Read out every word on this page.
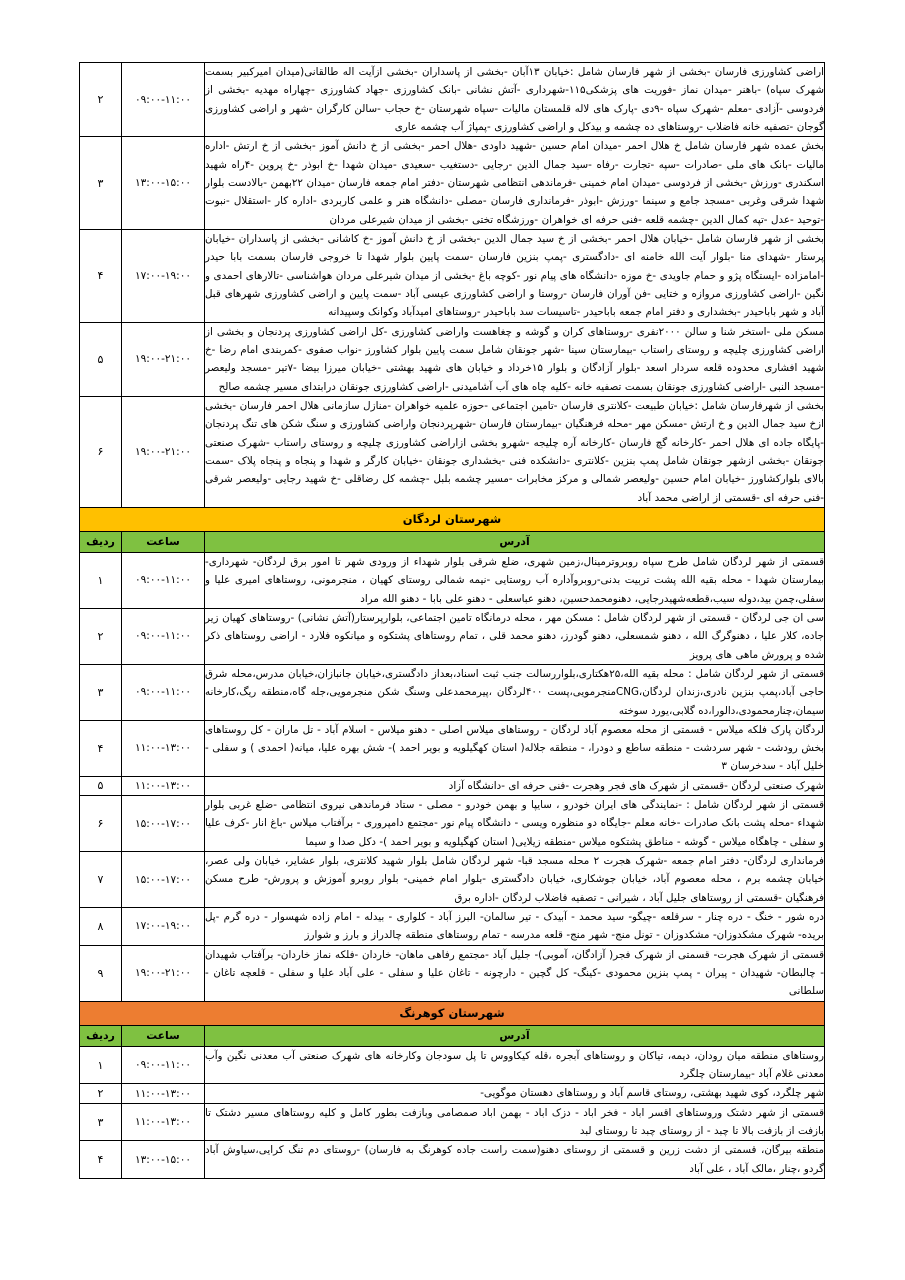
اراضی کشاورزی فارسان -بخشی از شهر فارسان شامل :خیابان ۱۳آبان -بخشی از پاسداران -بخشی ازآیت اله طالقانی(میدان امیرکبیر بسمت شهرک سپاه) -باهنر -میدان نماز -فوریت های پزشکی۱۱۵-شهرداری -آتش نشانی -بانک کشاورزی -جهاد کشاورزی -چهاراه مهدیه -بخشی از فردوسی -آزادی -معلم -شهرک سپاه -۹دی -پارک های لاله قلمستان مالیات -سپاه شهرستان -خ حجاب -سالن کارگران -شهر و اراضی کشاورزی گوجان -تصفیه خانه فاضلاب -روستاهای ده چشمه و بیدکل و اراضی کشاورزی -پمپاژ آب چشمه عاری	۰۹:۰۰-۱۱:۰۰	۲
بخش عمده شهر فارسان شامل خ هلال احمر -میدان امام حسین -شهید داودی -هلال احمر -بخشی از خ دانش آموز -بخشی از خ ارتش -اداره مالیات -بانک های ملی -صادرات -سپه -تجارت -رفاه -سید جمال الدین -رجایی -دستغیب -سعیدی -میدان شهدا -خ ابوذر -خ پروین -۴راه شهید اسکندری -ورزش -بخشی از فردوسی -میدان امام خمینی -فرماندهی انتظامی شهرستان -دفتر امام جمعه فارسان -میدان ۲۲بهمن -بالادست بلوار شهدا شرقی وغربی -مسجد جامع و سینما -ورزش -ابوذر -فرمانداری فارسان -مصلی -دانشگاه هنر و علمی کاربردی -اداره کار -استقلال -نبوت -توحید -عدل -تپه کمال الدین -چشمه قلعه -فنی حرفه ای خواهران -ورزشگاه تختی -بخشی از میدان شیرعلی مردان	۱۳:۰۰-۱۵:۰۰	۳
بخشی از شهر فارسان شامل -خیابان هلال احمر -بخشی از خ سید جمال الدین -بخشی از خ دانش آموز -خ کاشانی -بخشی از پاسداران -خیابان پرستار -شهدای منا -بلوار آیت الله خامنه ای -دادگستری -پمپ بنزین فارسان -سمت پایین بلوار شهدا تا خروجی فارسان بسمت بابا حیدر -امامزاده -ایستگاه پژو و حمام جاویدی -خ موزه -دانشگاه های پیام نور -کوچه باغ -بخشی از میدان شیرعلی مردان هواشناسی -تالارهای احمدی و نگین -اراضی کشاورزی مروازه و ختایی -فن آوران فارسان -روستا و اراضی کشاورزی عیسی آباد -سمت پایین و اراضی کشاورزی شهرهای قبل آباد و شهر باباحیدر -بخشداری و دفتر امام جمعه باباحیدر -تاسیسات سد باباحیدر -روستاهای امیدآباد وکوانک وسپیدانه	۱۷:۰۰-۱۹:۰۰	۴
مسکن ملی -استخر شنا و سالن ۲۰۰۰نفری -روستاهای کران و گوشه و چغاهست واراضی کشاورزی -کل اراضی کشاورزی پردنجان و بخشی از اراضی کشاورزی چلیچه و روستای راستاب -بیمارستان سینا -شهر جونقان شامل سمت پایین بلوار کشاورز -نواب صفوی -کمربندی امام رضا -خ شهید افشاری محدوده قلعه سردار اسعد -بلوار آزادگان و بلوار ۱۵خرداد و خیابان های شهید بهشتی -خیابان میرزا بیضا -۷تیر -مسجد ولیعصر -مسجد النبی -اراضی کشاورزی جونقان بسمت تصفیه خانه -کلیه چاه های آب آشامیدنی -اراضی کشاورزی جونقان درابتدای مسیر چشمه صالح	۱۹:۰۰-۲۱:۰۰	۵
بخشی از شهرفارسان شامل :خیابان طبیعت -کلانتری فارسان -تامین اجتماعی -حوزه علمیه خواهران -منازل سازمانی هلال احمر فارسان -بخشی ازخ سید جمال الدین و خ ارتش -مسکن مهر -محله فرهنگیان -بیمارستان فارسان -شهرپردنجان واراضی کشاورزی و سنگ شکن های تنگ پردنجان -پایگاه جاده ای هلال احمر -کارخانه گچ فارسان -کارخانه آره چلیجه -شهرو بخشی ازاراضی کشاورزی چلیچه و روستای راستاب -شهرک صنعتی جونقان -بخشی ازشهر جونقان شامل پمپ بنزین -کلانتری -دانشکده فنی -بخشداری جونقان -خیابان کارگر و شهدا و پنجاه و پنجاه پلاک -سمت بالای بلوارکشاورز -خیابان امام حسین -ولیعصر شمالی و مرکز مخابرات -مسیر چشمه بلبل -چشمه کل رضاقلی -خ شهید رجایی -ولیعصر شرقی -فنی حرفه ای -قسمتی از اراضی محمد آباد	۱۹:۰۰-۲۱:۰۰	۶
شهرستان لردگان		
آدرس	ساعت	ردیف
قسمتی از شهر لردگان شامل طرح سپاه روبروترمینال،زمین شهری، ضلع شرقی بلوار شهداء از ورودی شهر تا امور برق لردگان- شهرداری- بیمارستان شهدا - محله بقیه الله پشت تربیت بدنی-روبروآداره آب روستایی -نیمه شمالی روستای کهیان ، منجرمونی، روستاهای امیری علیا و سفلی،چمن بید،دوله سیب،قطعه‌شهیدرجایی، دهنومحمدحسین، دهنو عباسعلی - دهنو علی بابا - دهنو الله مراد	۰۹:۰۰-۱۱:۰۰	۱
سی ان جی لردگان - قسمتی از شهر لردگان شامل : مسکن مهر ، محله درمانگاه تامین اجتماعی، بلوارپرستار(آتش نشانی) -روستاهای کهیان زیر جاده، کلار علیا ، دهنوگرگ الله ، دهنو شمسعلی، دهنو گودرز، دهنو محمد قلی ، تمام روستاهای پشتکوه و میانکوه فلارد - اراضی روستاهای ذکر شده و پرورش ماهی های پرویز	۰۹:۰۰-۱۱:۰۰	۲
قسمتی از شهر لردگان شامل : محله بقیه الله،۲۵هکتاری،بلواررسالت جنب ثبت اسناد،بعداز دادگستری،خیابان جانبازان،خیابان مدرس،محله شرق حاجی آباد،پمپ بنزین نادری،زندان لردگان،CNGمنجرمویی،پست ۴۰۰لردگان ،پیرمحمدعلی وسنگ شکن منجرمویی،جله گاه،منطقه ریگ،کارخانه سیمان،چنارمحمودی،دالورا،ده گلابی،یورد سوخته	۰۹:۰۰-۱۱:۰۰	۳
لردگان پارک فلکه میلاس - قسمتی از محله معصوم آباد لردگان - روستاهای میلاس اصلی - دهنو میلاس - اسلام آباد - تل ماران - کل روستاهای بخش رودشت - شهر سردشت - منطقه ساطع و دودرا، - منطقه جلاله( استان کهگیلویه و بویر احمد )- شش بهره علیا، میانه( احمدی ) و سفلی - خلیل آباد - سدخرسان ۳	۱۱:۰۰-۱۳:۰۰	۴
شهرک صنعتی لردگان -قسمتی از شهرک های فجر وهجرت -فنی حرفه ای -دانشگاه آزاد	۱۱:۰۰-۱۳:۰۰	۵
قسمتی از شهر لردگان شامل : -نمایندگی های ایران خودرو ، سایپا و بهمن خودرو - مصلی - ستاد فرماندهی نیروی انتظامی -ضلع غربی بلوار شهداء -محله پشت بانک صادرات -خانه معلم -جایگاه دو منظوره ویسی - دانشگاه پیام نور -مجتمع دامپروری - برآفتاب میلاس -باغ انار -کرف علیا و سفلی - چاهگاه میلاس - گوشه - مناطق پشتکوه میلاس -منطقه زیلایی( استان کهگیلویه و بویر احمد )- دکل صدا و سیما	۱۵:۰۰-۱۷:۰۰	۶
فرمانداری لردگان- دفتر امام جمعه -شهرک هجرت ۲ محله مسجد قبا- شهر لردگان شامل بلوار شهید کلانتری، بلوار عشایر، خیابان ولی عصر، خیابان چشمه برم ، محله معصوم آباد، خیابان جوشکاری، خیابان دادگستری -بلوار امام خمینی- بلوار روبرو آموزش و پرورش- طرح مسکن فرهنگیان -قسمتی از روستاهای جلیل آباد ، شیرانی - تصفیه فاضلاب لردگان -اداره برق	۱۵:۰۰-۱۷:۰۰	۷
دره شور - خنگ - دره چنار - سرقلعه -چیگو- سید محمد - آبیدک - تیر سالمان- البرز آباد - کلواری - بیدله - امام زاده شهسوار - دره گرم -پل بریده- شهرک مشکدوزان- مشکدوزان - تونل منج- شهر منج- قلعه مدرسه - تمام روستاهای منطقه چالدراز و بارز و شوارز	۱۷:۰۰-۱۹:۰۰	۸
قسمتی از شهرک هجرت- قسمتی از شهرک فجر( آزادگان، آموبی)- جلیل آباد -مجتمع رفاهی ماهان- خاردان -فلکه نماز خاردان- برآفتاب شهیدان - چالبطان- شهیدان - پیران - پمپ بنزین محمودی -کینگ- کل گچین - دارچونه - تاغان علیا و سفلی - علی آباد علیا و سفلی - قلعچه تاغان - سلطانی	۱۹:۰۰-۲۱:۰۰	۹
شهرستان کوهرنگ		
آدرس	ساعت	ردیف
روستاهای منطقه میان رودان، دیمه، تیاکان و روستاهای آبجره ،قله کیکاووس تا پل سودجان وکارخانه های شهرک صنعتی آب معدنی نگین وآب معدنی غلام آباد -بیمارستان چلگرد	۰۹:۰۰-۱۱:۰۰	۱
شهر چلگرد، کوی شهید بهشتی، روستای قاسم آباد و روستاهای دهستان موگویی-	۱۱:۰۰-۱۳:۰۰	۲
قسمتی از شهر دشتک وروستاهای اقسر اباد - فخر اباد - دزک اباد - بهمن اباد صمصامی وبازفت بطور کامل و کلیه روستاهای مسیر دشتک تا بازفت از بازفت بالا تا چبد - از روستای چبد تا روستای لبد	۱۱:۰۰-۱۳:۰۰	۳
منطقه بیرگان، قسمتی از دشت زرین و قسمتی از روستای دهنو(سمت راست جاده کوهرنگ به فارسان) -روستای دم تنگ کرایی،سیاوش آباد گردو ،چنار ،مالک آباد ، علی آباد	۱۳:۰۰-۱۵:۰۰	۴
